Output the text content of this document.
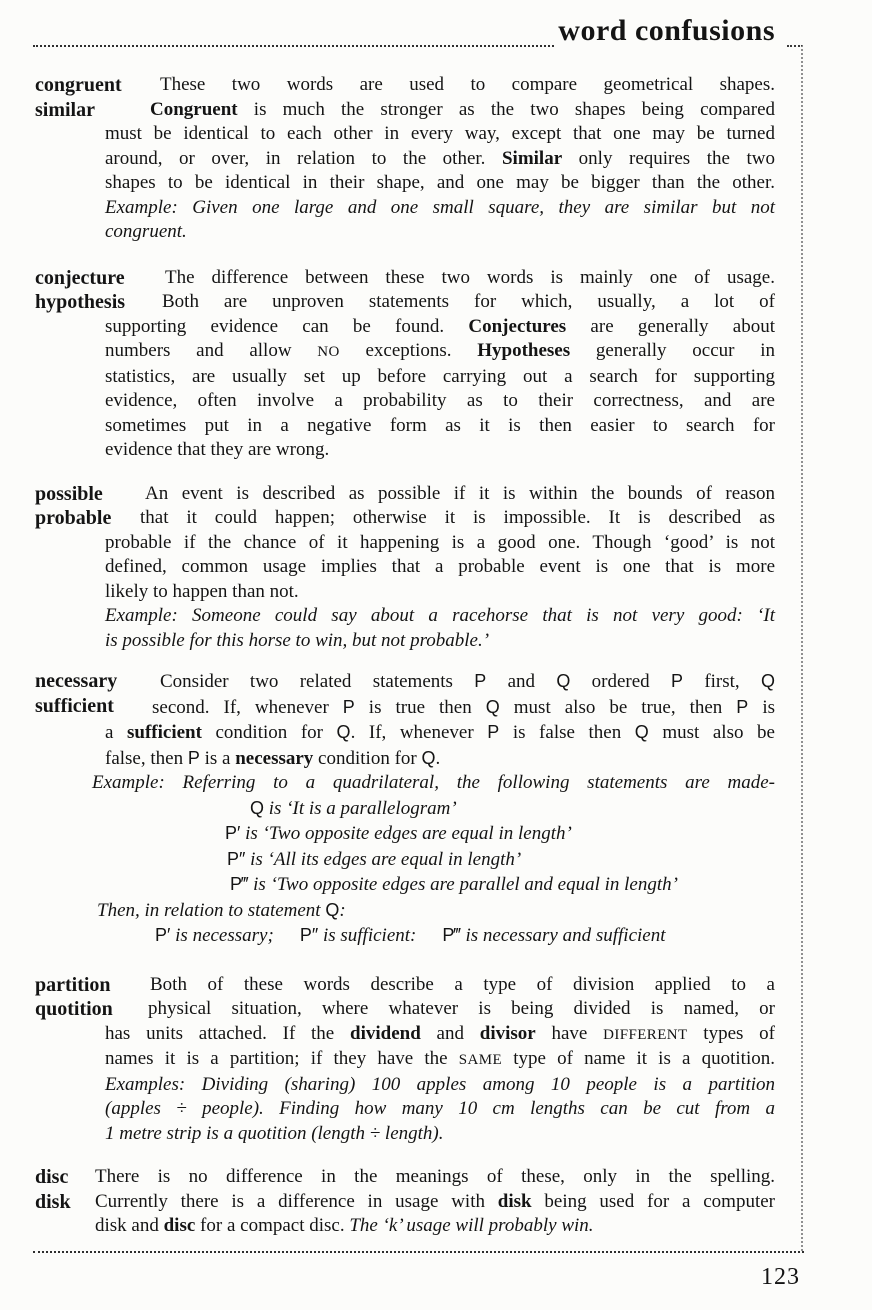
word confusions
congruent
similar
These two words are used to compare geometrical shapes.
Congruent is much the stronger as the two shapes being compared
must be identical to each other in every way, except that one may be turned
around, or over, in relation to the other. Similar only requires the two
shapes to be identical in their shape, and one may be bigger than the other.
Example: Given one large and one small square, they are similar but not
congruent.
conjecture
hypothesis
The difference between these two words is mainly one of usage.
Both are unproven statements for which, usually, a lot of
supporting evidence can be found. Conjectures are generally about
numbers and allow NO exceptions. Hypotheses generally occur in
statistics, are usually set up before carrying out a search for supporting
evidence, often involve a probability as to their correctness, and are
sometimes put in a negative form as it is then easier to search for
evidence that they are wrong.
possible
probable
An event is described as possible if it is within the bounds of reason
that it could happen; otherwise it is impossible. It is described as
probable if the chance of it happening is a good one. Though ‘good’ is not
defined, common usage implies that a probable event is one that is more
likely to happen than not.
Example: Someone could say about a racehorse that is not very good: ‘It
is possible for this horse to win, but not probable.’
necessary
sufficient
Consider two related statements P and Q ordered P first, Q
second. If, whenever P is true then Q must also be true, then P is
a sufficient condition for Q. If, whenever P is false then Q must also be
false, then P is a necessary condition for Q.
Example: Referring to a quadrilateral, the following statements are made-
Q is ‘It is a parallelogram’
P′ is ‘Two opposite edges are equal in length’
P″ is ‘All its edges are equal in length’
P‴ is ‘Two opposite edges are parallel and equal in length’
Then, in relation to statement Q:
P′ is necessary; P″ is sufficient: P‴ is necessary and sufficient
partition
quotition
Both of these words describe a type of division applied to a
physical situation, where whatever is being divided is named, or
has units attached. If the dividend and divisor have DIFFERENT types of
names it is a partition; if they have the SAME type of name it is a quotition.
Examples: Dividing (sharing) 100 apples among 10 people is a partition
(apples ÷ people). Finding how many 10 cm lengths can be cut from a
1 metre strip is a quotition (length ÷ length).
disc
disk
There is no difference in the meanings of these, only in the spelling.
Currently there is a difference in usage with disk being used for a computer
disk and disc for a compact disc. The ‘k’ usage will probably win.
123
